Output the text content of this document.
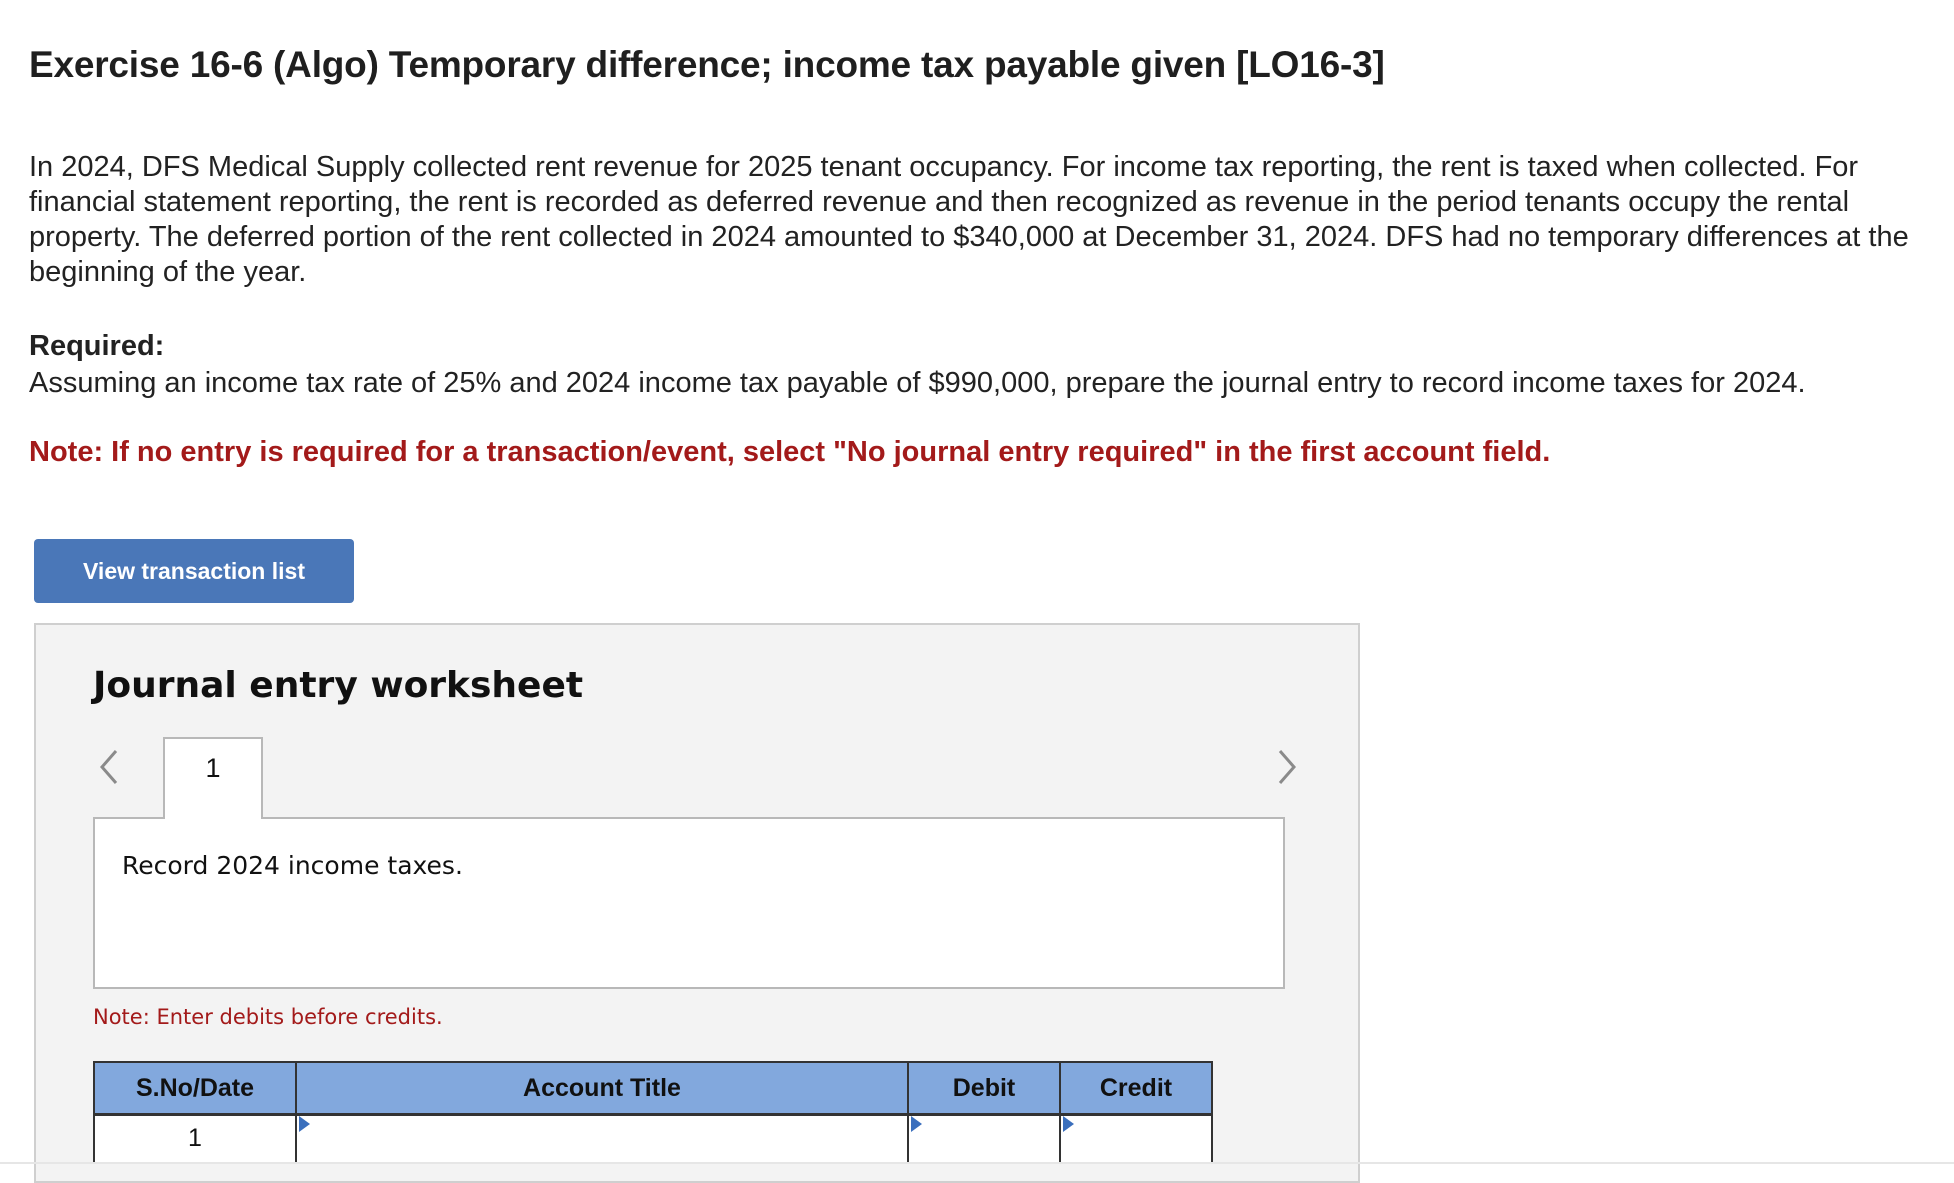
Exercise 16-6 (Algo) Temporary difference; income tax payable given [LO16-3]

In 2024, DFS Medical Supply collected rent revenue for 2025 tenant occupancy. For income tax reporting, the rent is taxed when collected. For financial statement reporting, the rent is recorded as deferred revenue and then recognized as revenue in the period tenants occupy the rental property. The deferred portion of the rent collected in 2024 amounted to $340,000 at December 31, 2024. DFS had no temporary differences at the beginning of the year.

Required:

Assuming an income tax rate of 25% and 2024 income tax payable of $990,000, prepare the journal entry to record income taxes for 2024.

Note: If no entry is required for a transaction/event, select "No journal entry required" in the first account field.

View transaction list
Journal entry worksheet
1

Record 2024 income taxes.

Note: Enter debits before credits.

S.No/Date	Account Title	Debit	Credit
1	
